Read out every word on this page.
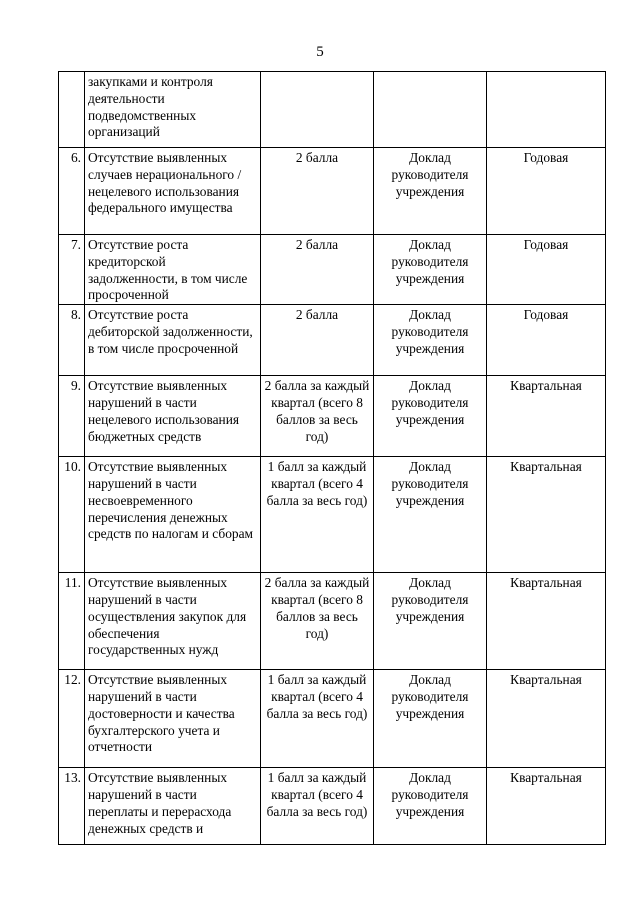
5
	закупками и контроля деятельности подведомственных организаций			
6.	Отсутствие выявленных случаев нерационального /нецелевого использования федерального имущества	2 балла	Доклад руководителя учреждения	Годовая
7.	Отсутствие роста кредиторской задолженности, в том числе просроченной	2 балла	Доклад руководителя учреждения	Годовая
8.	Отсутствие роста дебиторской задолженности, в том числе просроченной	2 балла	Доклад руководителя учреждения	Годовая
9.	Отсутствие выявленных нарушений в части нецелевого использования бюджетных средств	2 балла за каждый квартал (всего 8 баллов за весь год)	Доклад руководителя учреждения	Квартальная
10.	Отсутствие выявленных нарушений в части несвоевременного перечисления денежных средств по налогам и сборам	1 балл за каждый квартал (всего 4 балла за весь год)	Доклад руководителя учреждения	Квартальная
11.	Отсутствие выявленных нарушений в части осуществления закупок для обеспечения государственных нужд	2 балла за каждый квартал (всего 8 баллов за весь год)	Доклад руководителя учреждения	Квартальная
12.	Отсутствие выявленных нарушений в части достоверности и качества бухгалтерского учета и отчетности	1 балл за каждый квартал (всего 4 балла за весь год)	Доклад руководителя учреждения	Квартальная
13.	Отсутствие выявленных нарушений в части переплаты и перерасхода денежных средств и	1 балл за каждый квартал (всего 4 балла за весь год)	Доклад руководителя учреждения	Квартальная
